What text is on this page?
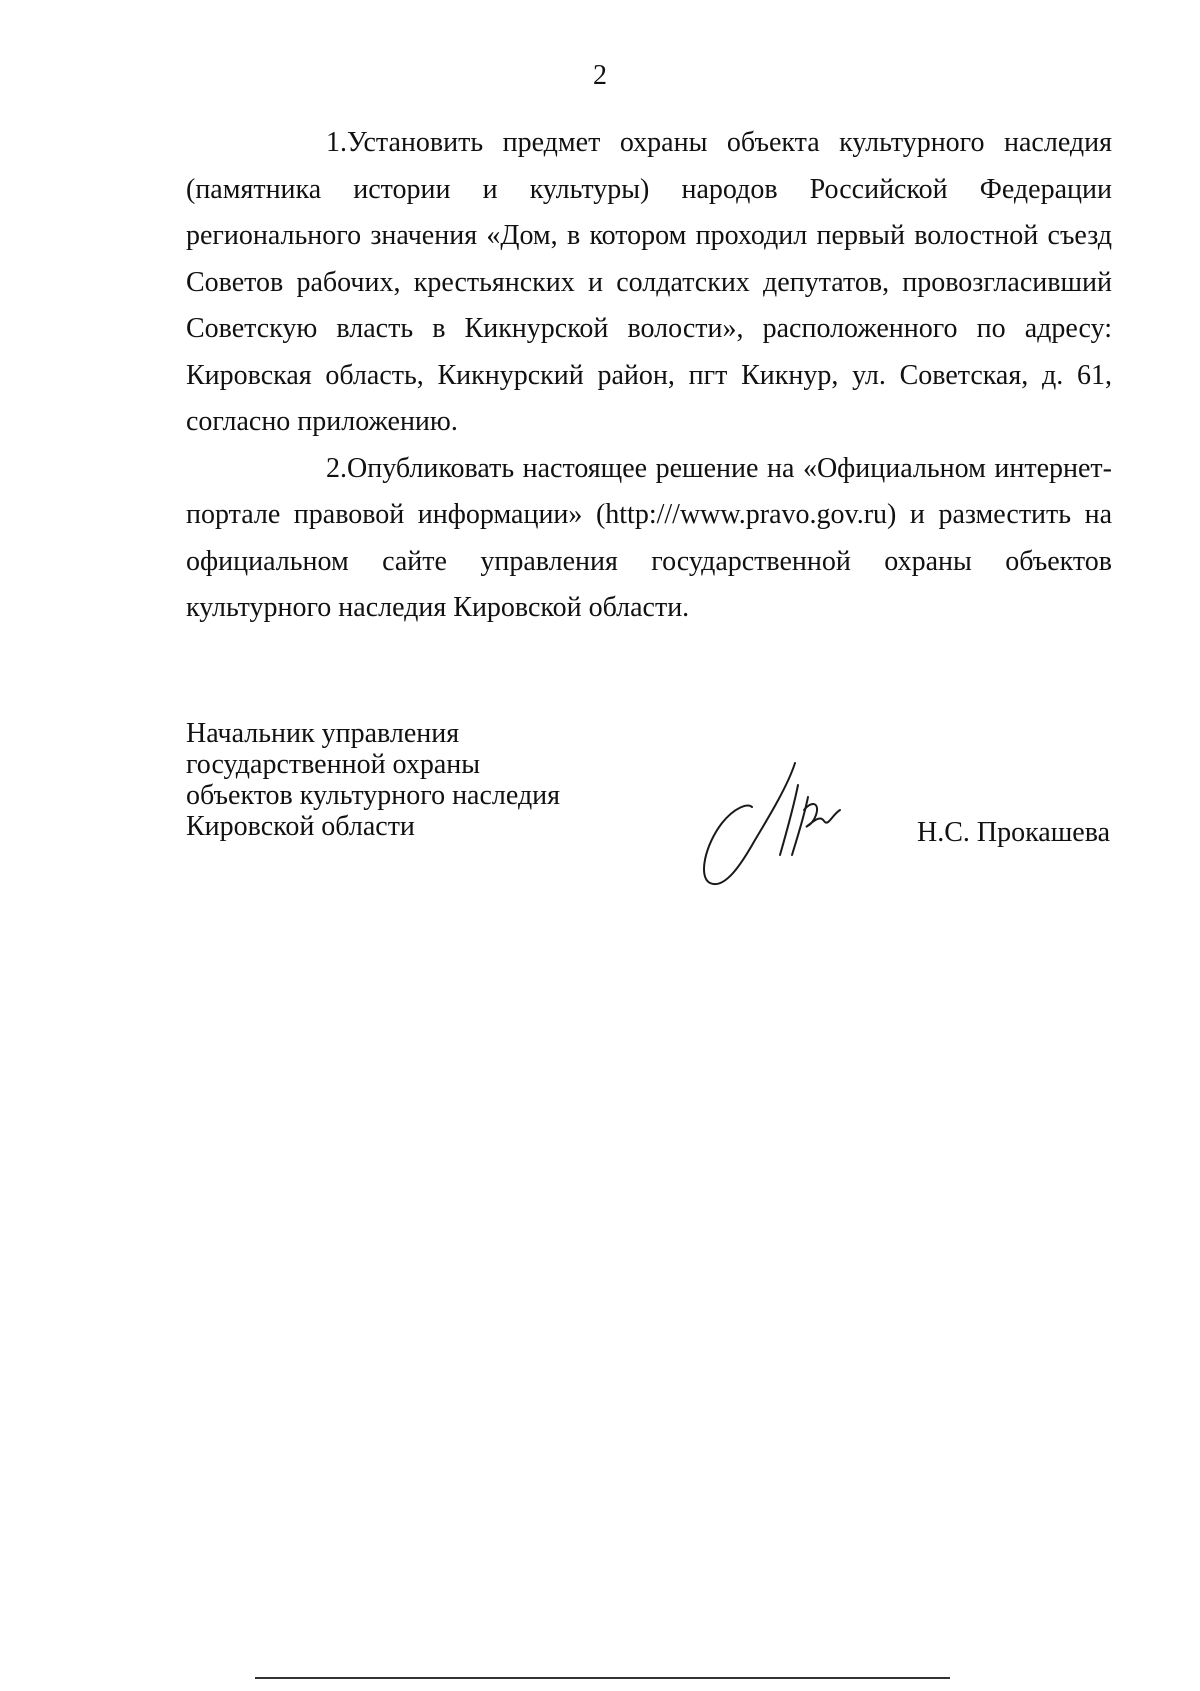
2

1.Установить предмет охраны объекта культурного наследия (памятника истории и культуры) народов Российской Федерации регионального значения «Дом, в котором проходил первый волостной съезд Советов рабочих, крестьянских и солдатских депутатов, провозгласивший Советскую власть в Кикнурской волости», расположенного по адресу: Кировская область, Кикнурский район, пгт Кикнур, ул. Советская, д. 61, согласно приложению.

2.Опубликовать настоящее решение на «Официальном интернет-портале правовой информации» (http:///www.pravo.gov.ru) и разместить на официальном сайте управления государственной охраны объектов культурного наследия Кировской области.

Начальник управления
государственной охраны
объектов культурного наследия
Кировской области	Н.С. Прокашева
